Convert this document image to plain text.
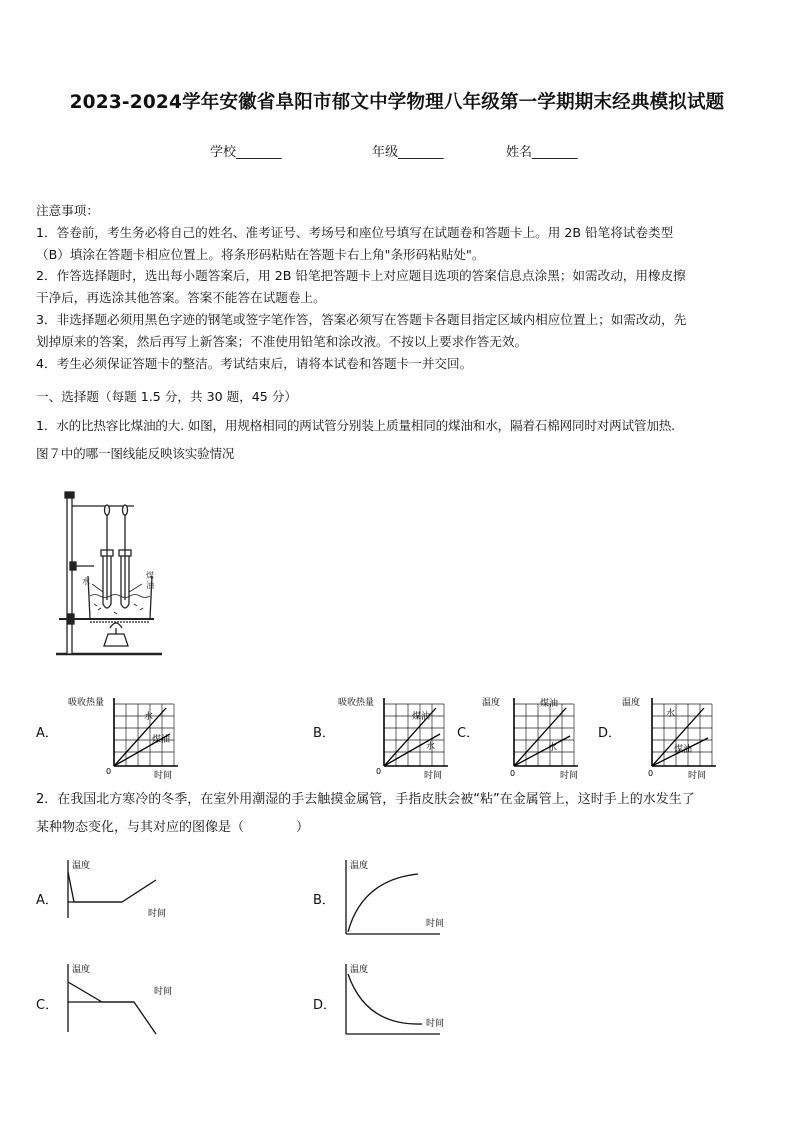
2023-2024学年安徽省阜阳市郁文中学物理八年级第一学期期末经典模拟试题
学校_______	年级_______	姓名_______
注意事项：
1．答卷前，考生务必将自己的姓名、准考证号、考场号和座位号填写在试题卷和答题卡上。用 2B 铅笔将试卷类型
（B）填涂在答题卡相应位置上。将条形码粘贴在答题卡右上角"条形码粘贴处"。
2．作答选择题时，选出每小题答案后，用 2B 铅笔把答题卡上对应题目选项的答案信息点涂黑；如需改动，用橡皮擦
干净后，再选涂其他答案。答案不能答在试题卷上。
3．非选择题必须用黑色字迹的钢笔或签字笔作答，答案必须写在答题卡各题目指定区域内相应位置上；如需改动，先
划掉原来的答案，然后再写上新答案；不准使用铅笔和涂改液。不按以上要求作答无效。
4．考生必须保证答题卡的整洁。考试结束后，请将本试卷和答题卡一并交回。
一、选择题（每题 1.5 分，共 30 题，45 分）
1．水的比热容比煤油的大. 如图，用规格相同的两试管分别装上质量相同的煤油和水，隔着石棉网同时对两试管加热.
图７中的哪一图线能反映该实验情况
水
煤
油
A．
吸收热量
水
煤油
0	时间
B．
吸收热量
煤油
水
0	时间
C．
温度	煤油
水
0	时间
D．
温度
水
煤油
0	时间
2．在我国北方寒冷的冬季，在室外用潮湿的手去触摸金属管，手指皮肤会被“粘”在金属管上，这时手上的水发生了
某种物态变化，与其对应的图像是（　　　　）
A．
温度
时间
B．
温度
时间
C．
温度
时间
D．
温度
时间
